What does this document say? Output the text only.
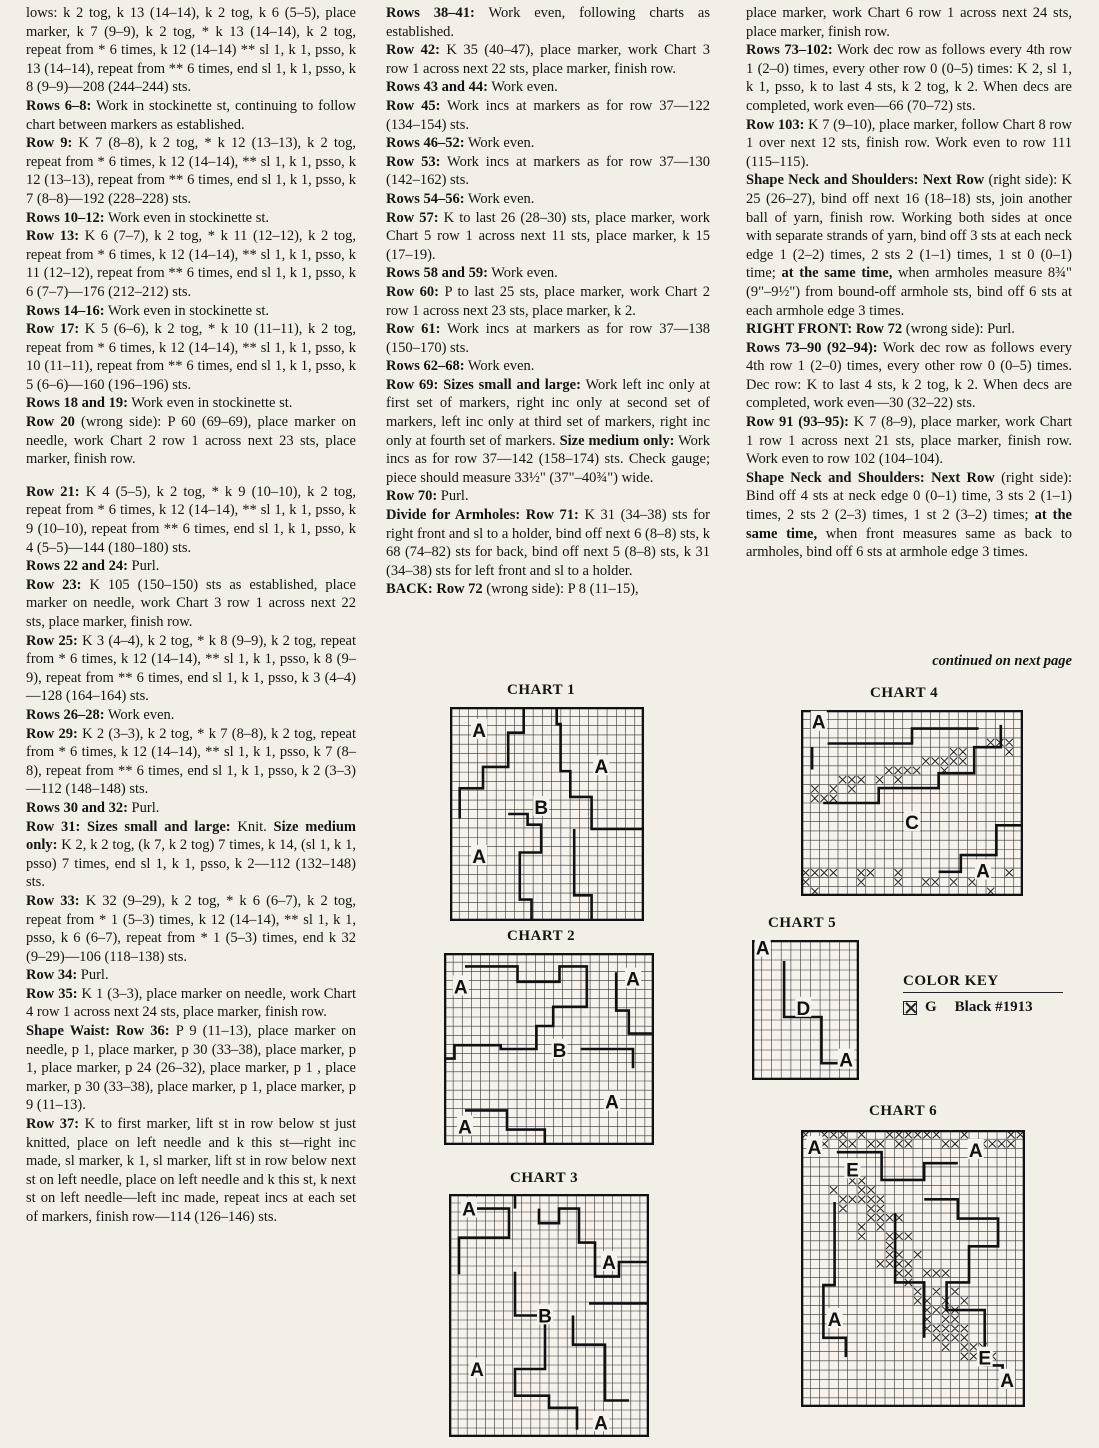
lows: k 2 tog, k 13 (14–14), k 2 tog, k 6 (5–5), place marker, k 7 (9–9), k 2 tog, * k 13 (14–14), k 2 tog, repeat from * 6 times, k 12 (14–14) ** sl 1, k 1, psso, k 13 (14–14), repeat from ** 6 times, end sl 1, k 1, psso, k 8 (9–9)—208 (244–244) sts.

Rows 6–8: Work in stockinette st, continuing to follow chart between markers as established.

Row 9: K 7 (8–8), k 2 tog, * k 12 (13–13), k 2 tog, repeat from * 6 times, k 12 (14–14), ** sl 1, k 1, psso, k 12 (13–13), repeat from ** 6 times, end sl 1, k 1, psso, k 7 (8–8)—192 (228–228) sts.

Rows 10–12: Work even in stockinette st.

Row 13: K 6 (7–7), k 2 tog, * k 11 (12–12), k 2 tog, repeat from * 6 times, k 12 (14–14), ** sl 1, k 1, psso, k 11 (12–12), repeat from ** 6 times, end sl 1, k 1, psso, k 6 (7–7)—176 (212–212) sts.

Rows 14–16: Work even in stockinette st.

Row 17: K 5 (6–6), k 2 tog, * k 10 (11–11), k 2 tog, repeat from * 6 times, k 12 (14–14), ** sl 1, k 1, psso, k 10 (11–11), repeat from ** 6 times, end sl 1, k 1, psso, k 5 (6–6)—160 (196–196) sts.

Rows 18 and 19: Work even in stockinette st.

Row 20 (wrong side): P 60 (69–69), place marker on needle, work Chart 2 row 1 across next 23 sts, place marker, finish row.

Row 21: K 4 (5–5), k 2 tog, * k 9 (10–10), k 2 tog, repeat from * 6 times, k 12 (14–14), ** sl 1, k 1, psso, k 9 (10–10), repeat from ** 6 times, end sl 1, k 1, psso, k 4 (5–5)—144 (180–180) sts.

Rows 22 and 24: Purl.

Row 23: K 105 (150–150) sts as established, place marker on needle, work Chart 3 row 1 across next 22 sts, place marker, finish row.

Row 25: K 3 (4–4), k 2 tog, * k 8 (9–9), k 2 tog, repeat from * 6 times, k 12 (14–14), ** sl 1, k 1, psso, k 8 (9–9), repeat from ** 6 times, end sl 1, k 1, psso, k 3 (4–4)—128 (164–164) sts.

Rows 26–28: Work even.

Row 29: K 2 (3–3), k 2 tog, * k 7 (8–8), k 2 tog, repeat from * 6 times, k 12 (14–14), ** sl 1, k 1, psso, k 7 (8–8), repeat from ** 6 times, end sl 1, k 1, psso, k 2 (3–3)—112 (148–148) sts.

Rows 30 and 32: Purl.

Row 31: Sizes small and large: Knit. Size medium only: K 2, k 2 tog, (k 7, k 2 tog) 7 times, k 14, (sl 1, k 1, psso) 7 times, end sl 1, k 1, psso, k 2—112 (132–148) sts.

Row 33: K 32 (9–29), k 2 tog, * k 6 (6–7), k 2 tog, repeat from * 1 (5–3) times, k 12 (14–14), ** sl 1, k 1, psso, k 6 (6–7), repeat from * 1 (5–3) times, end k 32 (9–29)—106 (118–138) sts.

Row 34: Purl.

Row 35: K 1 (3–3), place marker on needle, work Chart 4 row 1 across next 24 sts, place marker, finish row.

Shape Waist: Row 36: P 9 (11–13), place marker on needle, p 1, place marker, p 30 (33–38), place marker, p 1, place marker, p 24 (26–32), place marker, p 1 , place marker, p 30 (33–38), place marker, p 1, place marker, p 9 (11–13).

Row 37: K to first marker, lift st in row below st just knitted, place on left needle and k this st—right inc made, sl marker, k 1, sl marker, lift st in row below next st on left needle, place on left needle and k this st, k next st on left needle—left inc made, repeat incs at each set of markers, finish row—114 (126–146) sts.

Rows 38–41: Work even, following charts as established.

Row 42: K 35 (40–47), place marker, work Chart 3 row 1 across next 22 sts, place marker, finish row.

Rows 43 and 44: Work even.

Row 45: Work incs at markers as for row 37—122 (134–154) sts.

Rows 46–52: Work even.

Row 53: Work incs at markers as for row 37—130 (142–162) sts.

Rows 54–56: Work even.

Row 57: K to last 26 (28–30) sts, place marker, work Chart 5 row 1 across next 11 sts, place marker, k 15 (17–19).

Rows 58 and 59: Work even.

Row 60: P to last 25 sts, place marker, work Chart 2 row 1 across next 23 sts, place marker, k 2.

Row 61: Work incs at markers as for row 37—138 (150–170) sts.

Rows 62–68: Work even.

Row 69: Sizes small and large: Work left inc only at first set of markers, right inc only at second set of markers, left inc only at third set of markers, right inc only at fourth set of markers. Size medium only: Work incs as for row 37—142 (158–174) sts. Check gauge; piece should measure 33½" (37"–40¾") wide.

Row 70: Purl.

Divide for Armholes: Row 71: K 31 (34–38) sts for right front and sl to a holder, bind off next 6 (8–8) sts, k 68 (74–82) sts for back, bind off next 5 (8–8) sts, k 31 (34–38) sts for left front and sl to a holder.

BACK: Row 72 (wrong side): P 8 (11–15),

place marker, work Chart 6 row 1 across next 24 sts, place marker, finish row.

Rows 73–102: Work dec row as follows every 4th row 1 (2–0) times, every other row 0 (0–5) times: K 2, sl 1, k 1, psso, k to last 4 sts, k 2 tog, k 2. When decs are completed, work even—66 (70–72) sts.

Row 103: K 7 (9–10), place marker, follow Chart 8 row 1 over next 12 sts, finish row. Work even to row 111 (115–115).

Shape Neck and Shoulders: Next Row (right side): K 25 (26–27), bind off next 16 (18–18) sts, join another ball of yarn, finish row. Working both sides at once with separate strands of yarn, bind off 3 sts at each neck edge 1 (2–2) times, 2 sts 2 (1–1) times, 1 st 0 (0–1) time; at the same time, when armholes measure 8¾" (9"–9½") from bound-off armhole sts, bind off 6 sts at each armhole edge 3 times.

RIGHT FRONT: Row 72 (wrong side): Purl.

Rows 73–90 (92–94): Work dec row as follows every 4th row 1 (2–0) times, every other row 0 (0–5) times. Dec row: K to last 4 sts, k 2 tog, k 2. When decs are completed, work even—30 (32–22) sts.

Row 91 (93–95): K 7 (8–9), place marker, work Chart 1 row 1 across next 21 sts, place marker, finish row. Work even to row 102 (104–104).

Shape Neck and Shoulders: Next Row (right side): Bind off 4 sts at neck edge 0 (0–1) time, 3 sts 2 (1–1) times, 2 sts 2 (2–3) times, 1 st 2 (3–2) times; at the same time, when front measures same as back to armholes, bind off 6 sts at armhole edge 3 times.

continued on next page

CHART 1
CHART 2
CHART 3
CHART 4
CHART 5
CHART 6
A
A
B
A
A	A
B
A
A
A
A
B
A
A
A
C
A
A
D
A
A
E
A
A
E
A
COLOR KEY
G Black #1913
